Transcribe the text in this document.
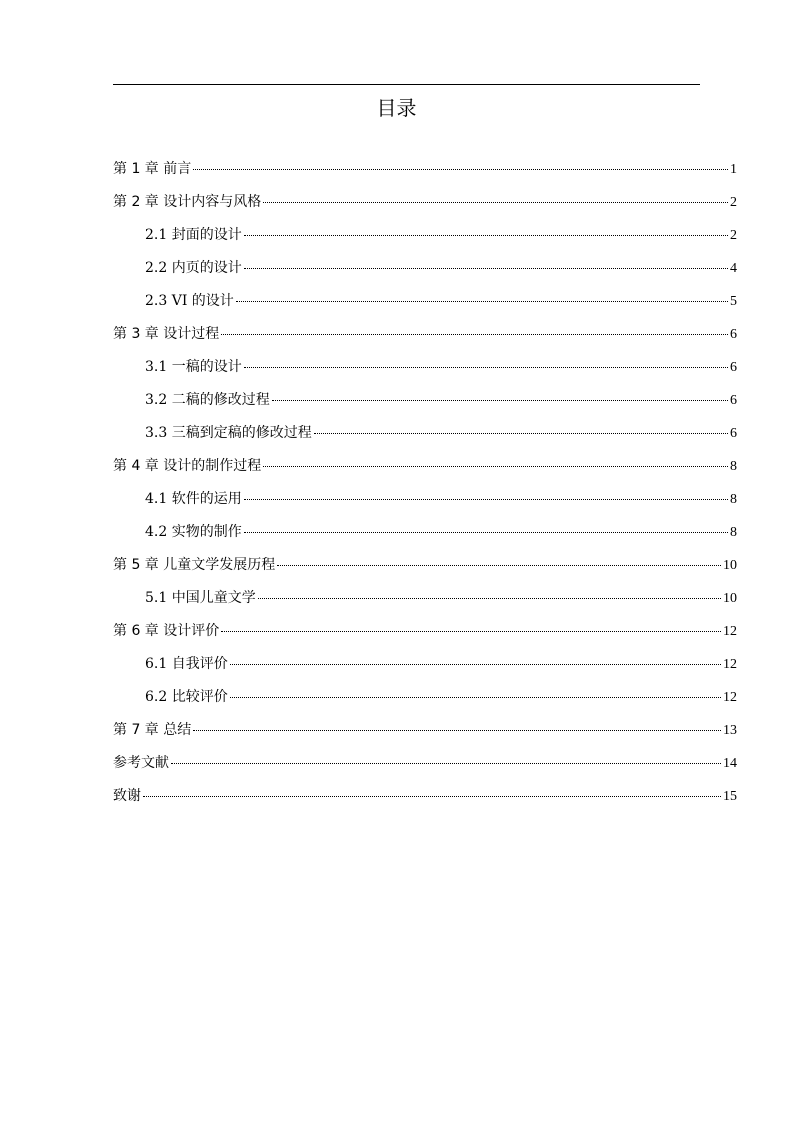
目录
第 1 章 前言	1
第 2 章 设计内容与风格	2
2.1 封面的设计	2
2.2 内页的设计	4
2.3 VI 的设计	5
第 3 章 设计过程	6
3.1 一稿的设计	6
3.2 二稿的修改过程	6
3.3 三稿到定稿的修改过程	6
第 4 章 设计的制作过程	8
4.1 软件的运用	8
4.2 实物的制作	8
第 5 章 儿童文学发展历程	10
5.1 中国儿童文学	10
第 6 章 设计评价	12
6.1 自我评价	12
6.2 比较评价	12
第 7 章 总结	13
参考文献	14
致谢	15
